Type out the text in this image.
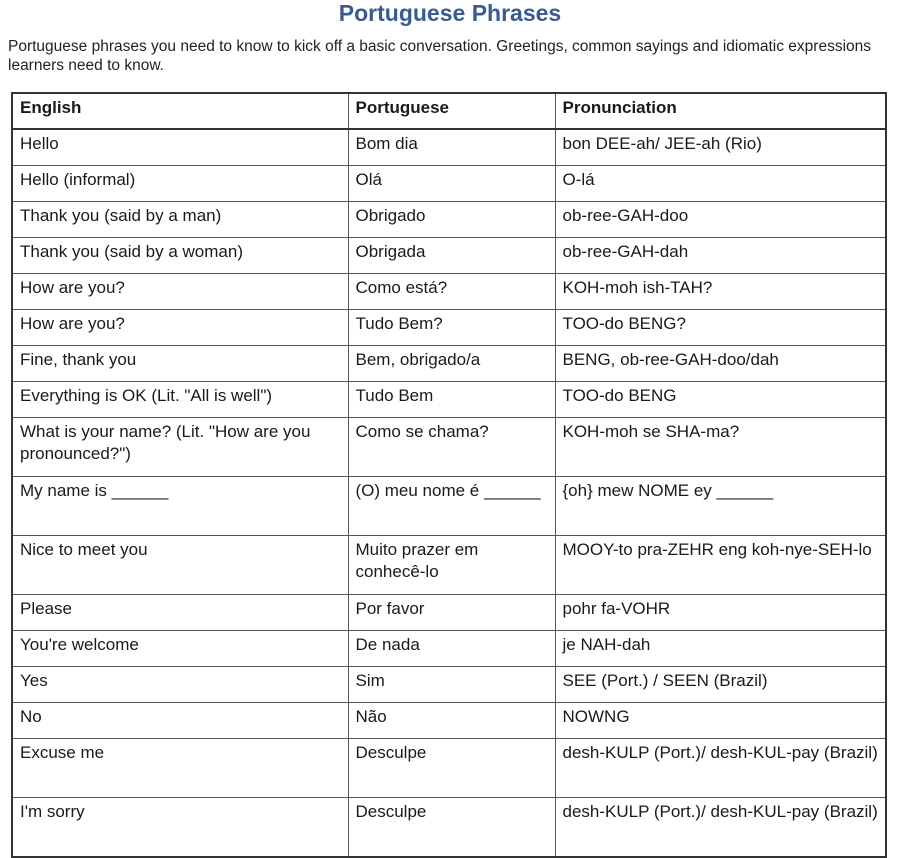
Portuguese Phrases
Portuguese phrases you need to know to kick off a basic conversation. Greetings, common sayings and idiomatic expressions learners need to know.
English	Portuguese	Pronunciation
Hello	Bom dia	bon DEE-ah/ JEE-ah (Rio)
Hello (informal)	Olá	O-lá
Thank you (said by a man)	Obrigado	ob-ree-GAH-doo
Thank you (said by a woman)	Obrigada	ob-ree-GAH-dah
How are you?	Como está?	KOH-moh ish-TAH?
How are you?	Tudo Bem?	TOO-do BENG?
Fine, thank you	Bem, obrigado/a	BENG, ob-ree-GAH-doo/dah
Everything is OK (Lit. "All is well")	Tudo Bem	TOO-do BENG
What is your name? (Lit. "How are you pronounced?")	Como se chama?	KOH-moh se SHA-ma?
My name is ______	(O) meu nome é ______	{oh} mew NOME ey ______
Nice to meet you	Muito prazer em conhecê-lo	MOOY-to pra-ZEHR eng koh-nye-SEH-lo
Please	Por favor	pohr fa-VOHR
You're welcome	De nada	je NAH-dah
Yes	Sim	SEE (Port.) / SEEN (Brazil)
No	Não	NOWNG
Excuse me	Desculpe	desh-KULP (Port.)/ desh-KUL-pay (Brazil)
I'm sorry	Desculpe	desh-KULP (Port.)/ desh-KUL-pay (Brazil)
